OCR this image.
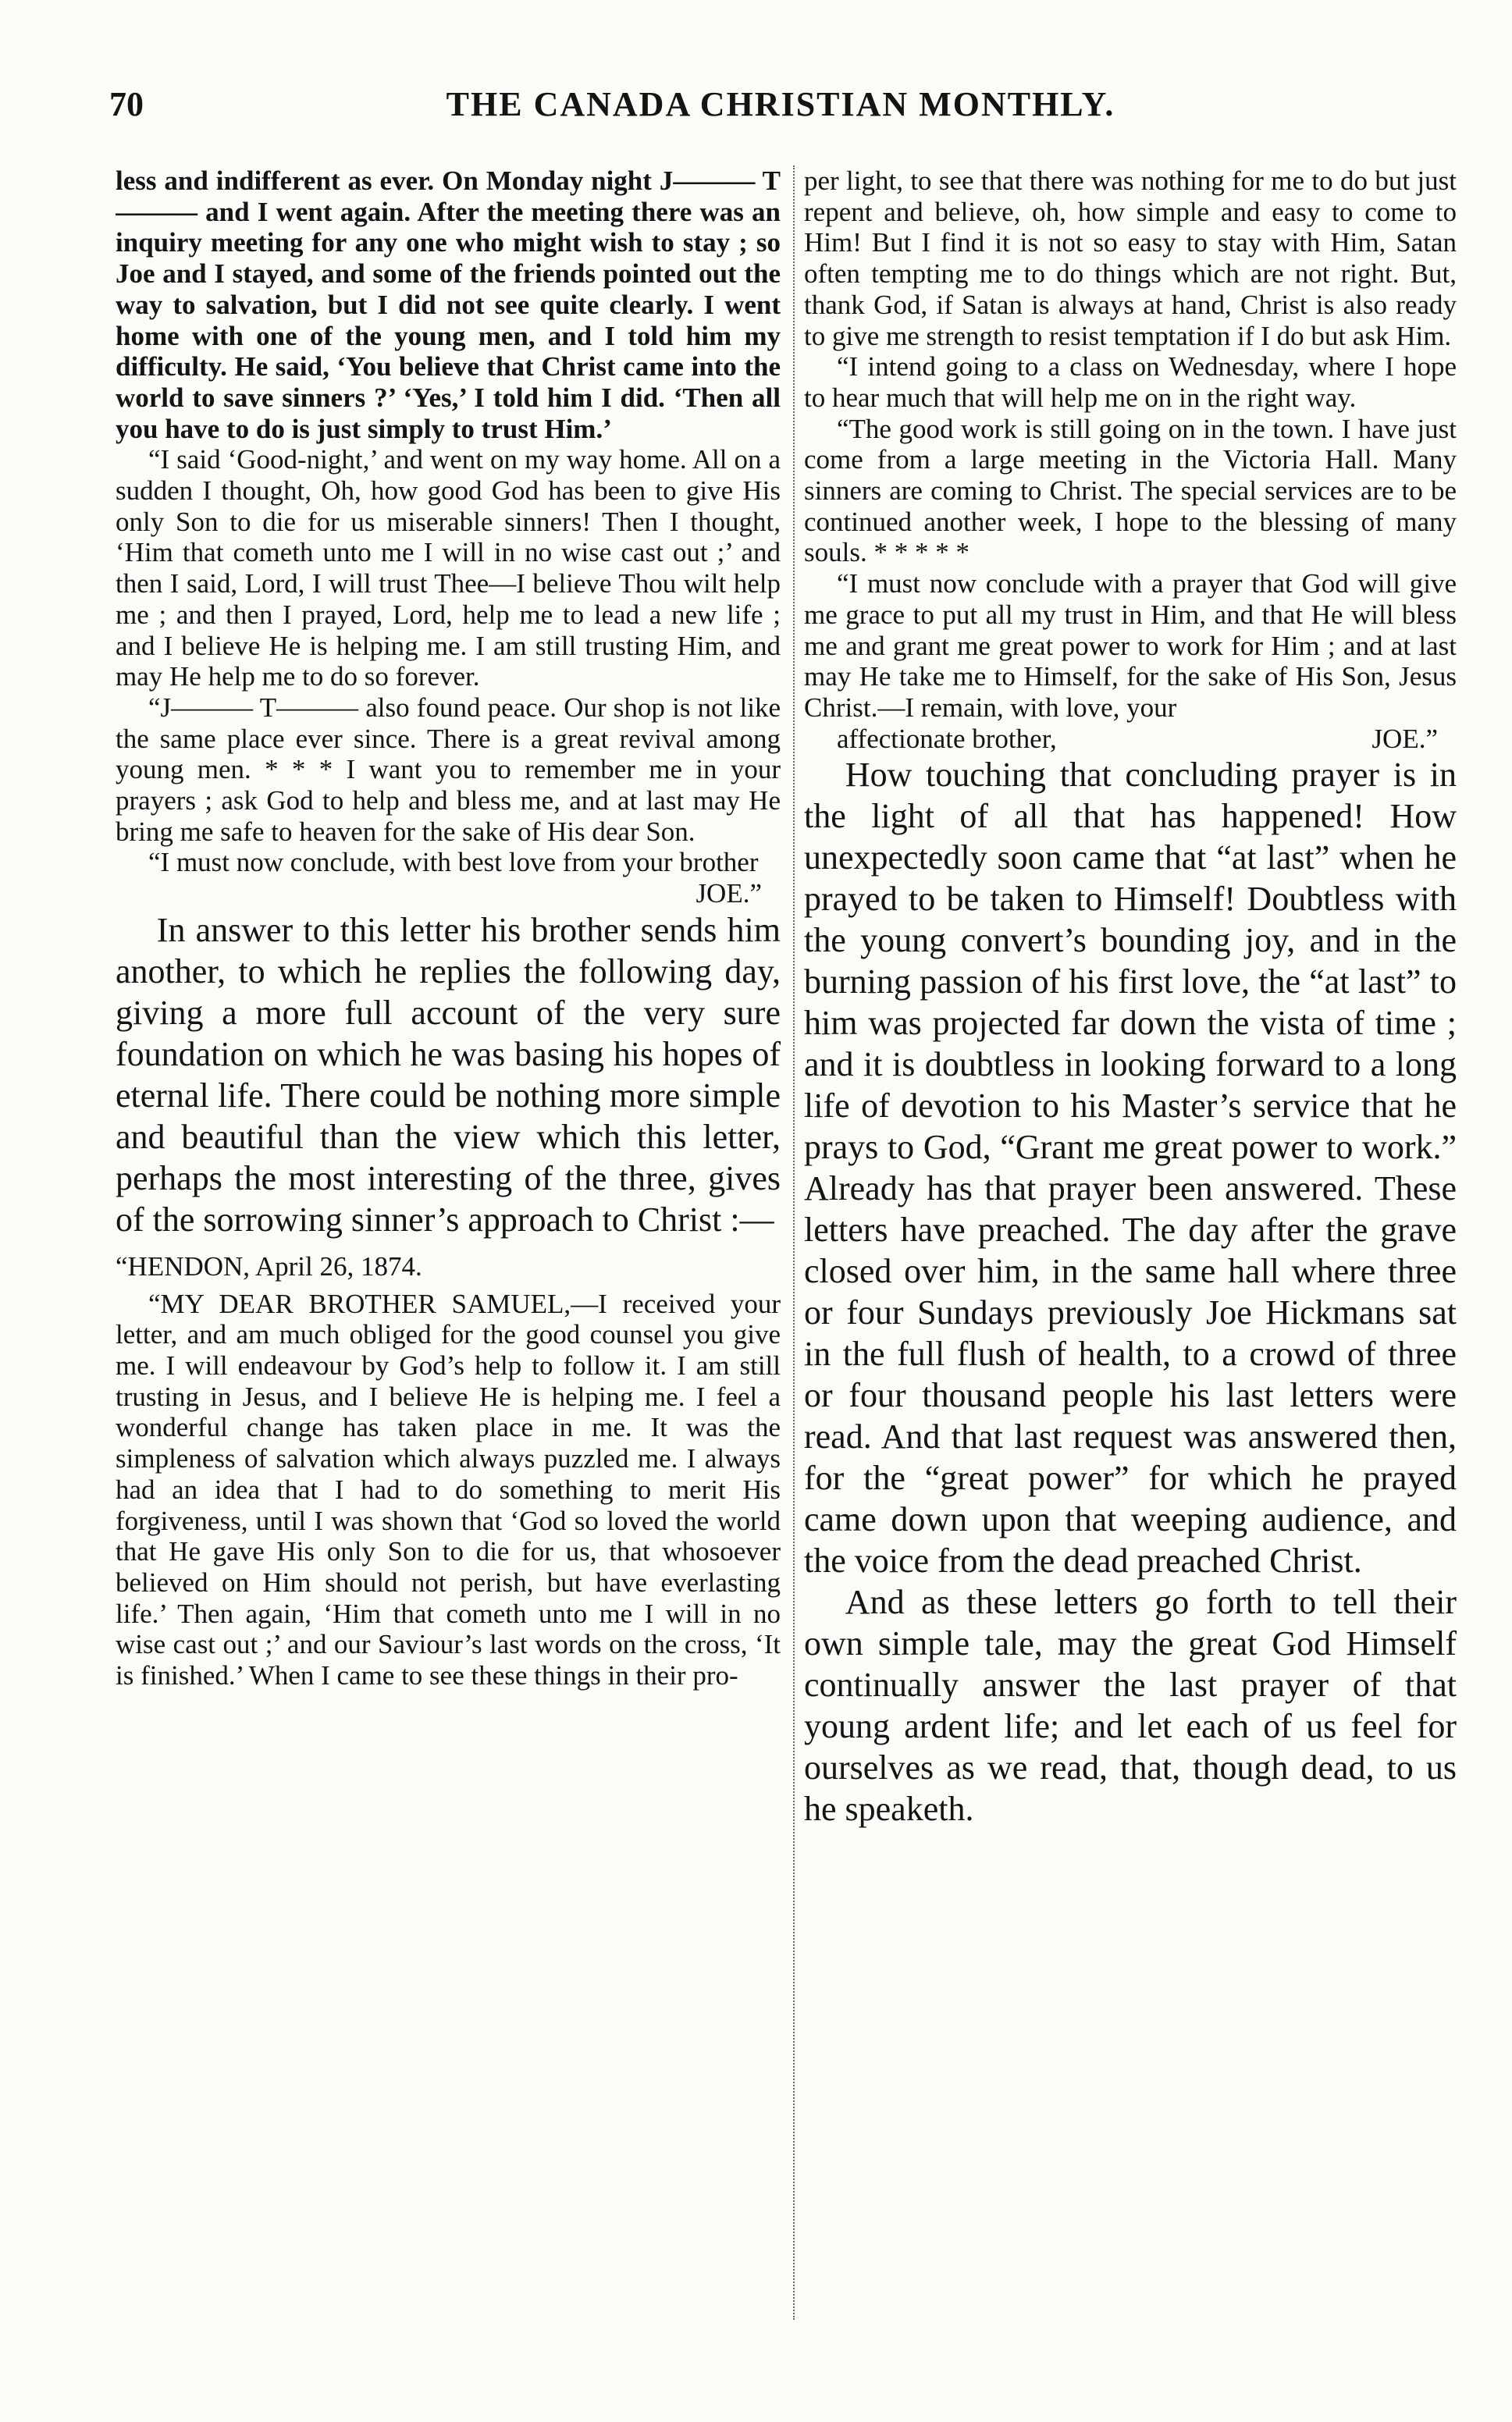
70	THE CANADA CHRISTIAN MONTHLY.

less and indifferent as ever. On Monday night J——— T——— and I went again. After the meeting there was an inquiry meeting for any one who might wish to stay ; so Joe and I stayed, and some of the friends pointed out the way to salvation, but I did not see quite clearly. I went home with one of the young men, and I told him my difficulty. He said, ‘You believe that Christ came into the world to save sinners ?’ ‘Yes,’ I told him I did. ‘Then all you have to do is just simply to trust Him.’

“I said ‘Good-night,’ and went on my way home. All on a sudden I thought, Oh, how good God has been to give His only Son to die for us miserable sinners! Then I thought, ‘Him that cometh unto me I will in no wise cast out ;’ and then I said, Lord, I will trust Thee—I believe Thou wilt help me ; and then I prayed, Lord, help me to lead a new life ; and I believe He is helping me. I am still trusting Him, and may He help me to do so forever.

“J——— T——— also found peace. Our shop is not like the same place ever since. There is a great revival among young men. * * * I want you to remember me in your prayers ; ask God to help and bless me, and at last may He bring me safe to heaven for the sake of His dear Son.

“I must now conclude, with best love from your brother
JOE.”

In answer to this letter his brother sends him another, to which he replies the following day, giving a more full account of the very sure foundation on which he was basing his hopes of eternal life. There could be nothing more simple and beautiful than the view which this letter, perhaps the most interesting of the three, gives of the sorrowing sinner’s approach to Christ :—

“HENDON, April 26, 1874.

“MY DEAR BROTHER SAMUEL,—I received your letter, and am much obliged for the good counsel you give me. I will endeavour by God’s help to follow it. I am still trusting in Jesus, and I believe He is helping me. I feel a wonderful change has taken place in me. It was the simpleness of salvation which always puzzled me. I always had an idea that I had to do something to merit His forgiveness, until I was shown that ‘God so loved the world that He gave His only Son to die for us, that whosoever believed on Him should not perish, but have everlasting life.’ Then again, ‘Him that cometh unto me I will in no wise cast out ;’ and our Saviour’s last words on the cross, ‘It is finished.’ When I came to see these things in their pro-

per light, to see that there was nothing for me to do but just repent and believe, oh, how simple and easy to come to Him! But I find it is not so easy to stay with Him, Satan often tempting me to do things which are not right. But, thank God, if Satan is always at hand, Christ is also ready to give me strength to resist temptation if I do but ask Him.

“I intend going to a class on Wednesday, where I hope to hear much that will help me on in the right way.

“The good work is still going on in the town. I have just come from a large meeting in the Victoria Hall. Many sinners are coming to Christ. The special services are to be continued another week, I hope to the blessing of many souls. * * * * *

“I must now conclude with a prayer that God will give me grace to put all my trust in Him, and that He will bless me and grant me great power to work for Him ; and at last may He take me to Himself, for the sake of His Son, Jesus Christ.—I remain, with love, your
affectionate brother,	JOE.”

How touching that concluding prayer is in the light of all that has happened! How unexpectedly soon came that “at last” when he prayed to be taken to Himself! Doubtless with the young convert’s bounding joy, and in the burning passion of his first love, the “at last” to him was projected far down the vista of time ; and it is doubtless in looking forward to a long life of devotion to his Master’s service that he prays to God, “Grant me great power to work.” Already has that prayer been answered. These letters have preached. The day after the grave closed over him, in the same hall where three or four Sundays previously Joe Hickmans sat in the full flush of health, to a crowd of three or four thousand people his last letters were read. And that last request was answered then, for the “great power” for which he prayed came down upon that weeping audience, and the voice from the dead preached Christ.

And as these letters go forth to tell their own simple tale, may the great God Himself continually answer the last prayer of that young ardent life; and let each of us feel for ourselves as we read, that, though dead, to us he speaketh.
